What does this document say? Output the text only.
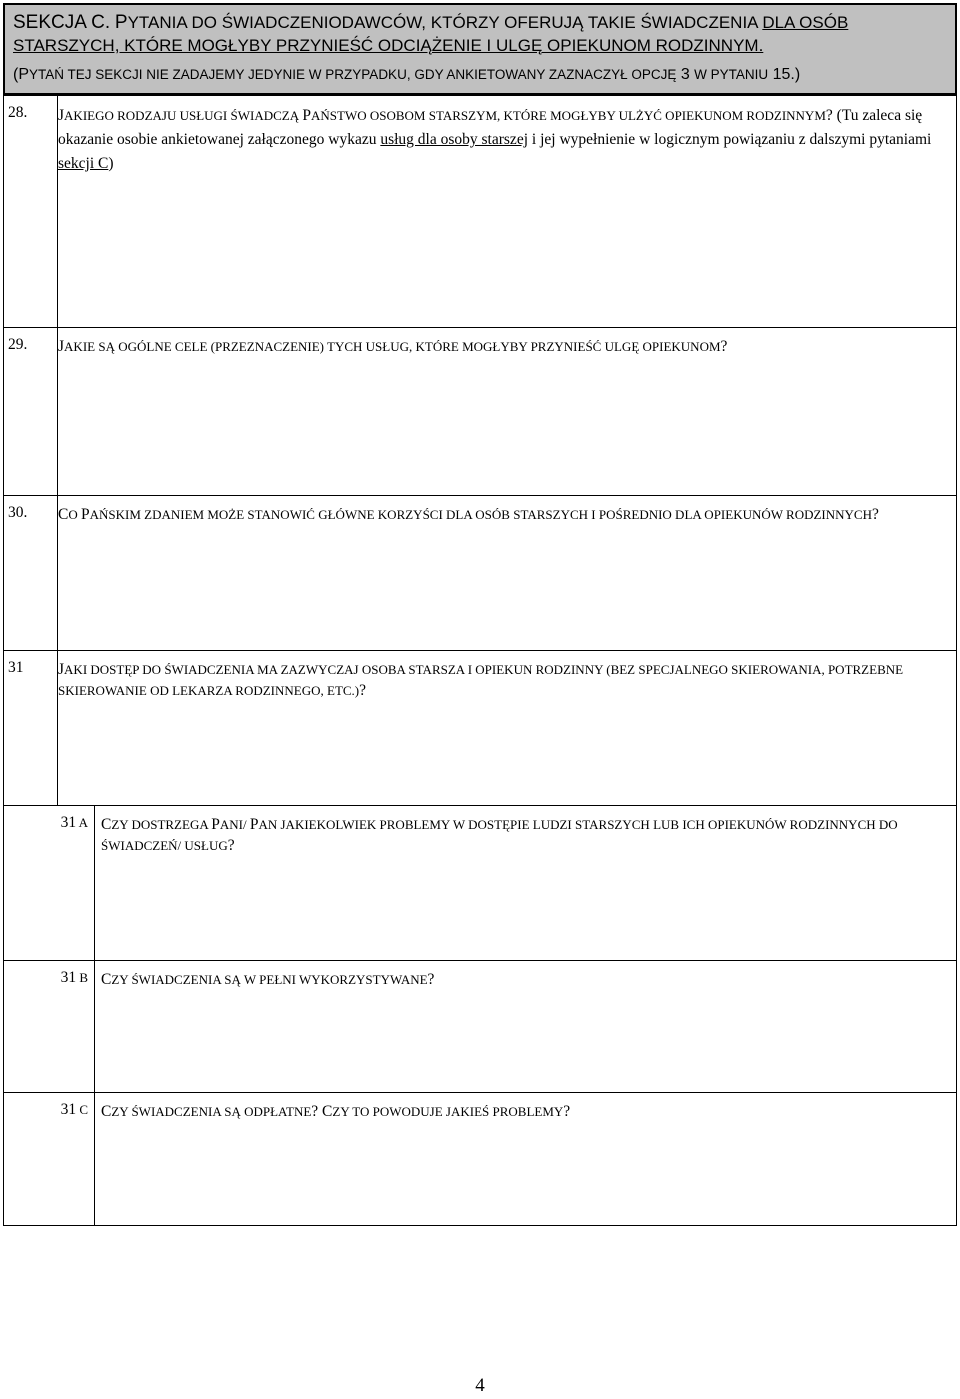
SEKCJA C. PYTANIA DO ŚWIADCZENIODAWCÓW, KTÓRZY OFERUJĄ TAKIE ŚWIADCZENIA DLA OSÓB STARSZYCH, KTÓRE MOGŁYBY PRZYNIEŚĆ ODCIĄŻENIE I ULGĘ OPIEKUNOM RODZINNYM.
(PYTAŃ TEJ SEKCJI NIE ZADAJEMY JEDYNIE W PRZYPADKU, GDY ANKIETOWANY ZAZNACZYŁ OPCJĘ 3 W PYTANIU 15.)
28.	JAKIEGO RODZAJU USŁUGI ŚWIADCZĄ PAŃSTWO OSOBOM STARSZYM, KTÓRE MOGŁYBY ULŻYĆ OPIEKUNOM RODZINNYM? (Tu zaleca się okazanie osobie ankietowanej załączonego wykazu usług dla osoby starszej i jej wypełnienie w logicznym powiązaniu z dalszymi pytaniami sekcji C)

29.	JAKIE SĄ OGÓLNE CELE (PRZEZNACZENIE) TYCH USŁUG, KTÓRE MOGŁYBY PRZYNIEŚĆ ULGĘ OPIEKUNOM?

30.	CO PAŃSKIM ZDANIEM MOŻE STANOWIĆ GŁÓWNE KORZYŚCI DLA OSÓB STARSZYCH I POŚREDNIO DLA OPIEKUNÓW RODZINNYCH?

31	JAKI DOSTĘP DO ŚWIADCZENIA MA ZAZWYCZAJ OSOBA STARSZA I OPIEKUN RODZINNY (BEZ SPECJALNEGO SKIEROWANIA, POTRZEBNE SKIEROWANIE OD LEKARZA RODZINNEGO, ETC.)?
31 A	CZY DOSTRZEGA PANI/ PAN JAKIEKOLWIEK PROBLEMY W DOSTĘPIE LUDZI STARSZYCH LUB ICH OPIEKUNÓW RODZINNYCH DO ŚWIADCZEŃ/ USŁUG?

31 B	CZY ŚWIADCZENIA SĄ W PEŁNI WYKORZYSTYWANE?

31 C	CZY ŚWIADCZENIA SĄ ODPŁATNE? CZY TO POWODUJE JAKIEŚ PROBLEMY?
4
